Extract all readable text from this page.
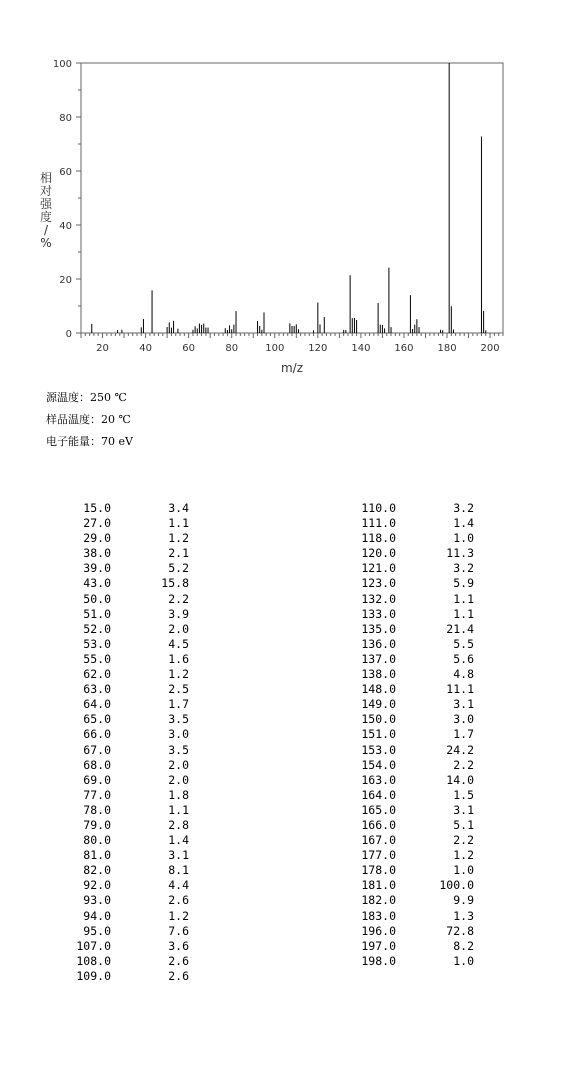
20	40	60	80	100 120 140 160 180 200
0
20
40
60
80
100
m/z
相
对
强
度
/
%
源温度：250 ℃
样品温度：20 ℃
电子能量：70 eV
15.0	3.4
27.0	1.1
29.0	1.2
38.0	2.1
39.0	5.2
43.0	15.8
50.0	2.2
51.0	3.9
52.0	2.0
53.0	4.5
55.0	1.6
62.0	1.2
63.0	2.5
64.0	1.7
65.0	3.5
66.0	3.0
67.0	3.5
68.0	2.0
69.0	2.0
77.0	1.8
78.0	1.1
79.0	2.8
80.0	1.4
81.0	3.1
82.0	8.1
92.0	4.4
93.0	2.6
94.0	1.2
95.0	7.6
107.0	3.6
108.0	2.6
109.0	2.6
110.0	3.2
111.0	1.4
118.0	1.0
120.0	11.3
121.0	3.2
123.0	5.9
132.0	1.1
133.0	1.1
135.0	21.4
136.0	5.5
137.0	5.6
138.0	4.8
148.0	11.1
149.0	3.1
150.0	3.0
151.0	1.7
153.0	24.2
154.0	2.2
163.0	14.0
164.0	1.5
165.0	3.1
166.0	5.1
167.0	2.2
177.0	1.2
178.0	1.0
181.0	100.0
182.0	9.9
183.0	1.3
196.0	72.8
197.0	8.2
198.0	1.0
